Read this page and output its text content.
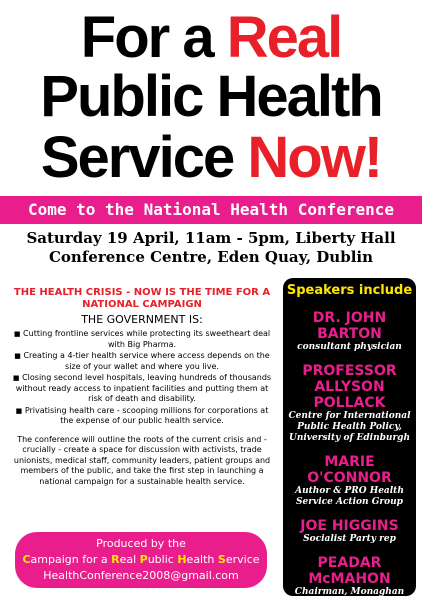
For a Real
Public Health
Service Now!
Come to the National Health Conference
Saturday 19 April, 11am - 5pm, Liberty Hall
Conference Centre, Eden Quay, Dublin
THE HEALTH CRISIS - NOW IS THE TIME FOR A NATIONAL CAMPAIGN
THE GOVERNMENT IS:
■ Cutting frontline services while protecting its sweetheart deal with Big Pharma.
■ Creating a 4-tier health service where access depends on the size of your wallet and where you live.
■ Closing second level hospitals, leaving hundreds of thousands without ready access to inpatient facilities and putting them at risk of death and disability.
■ Privatising health care - scooping millions for corporations at the expense of our public health service.
The conference will outline the roots of the current crisis and - crucially - create a space for discussion with activists, trade unionists, medical staff, community leaders, patient groups and members of the public, and take the first step in launching a national campaign for a sustainable health service.
Produced by the
Campaign for a Real Public Health Service
HealthConference2008@gmail.com
Speakers include
DR. JOHN BARTON
consultant physician
PROFESSOR ALLYSON POLLACK
Centre for International Public Health Policy, University of Edinburgh
MARIE O'CONNOR
Author & PRO Health Service Action Group
JOE HIGGINS
Socialist Party rep
PEADAR McMAHON
Chairman, Monaghan Hospital Action Group
